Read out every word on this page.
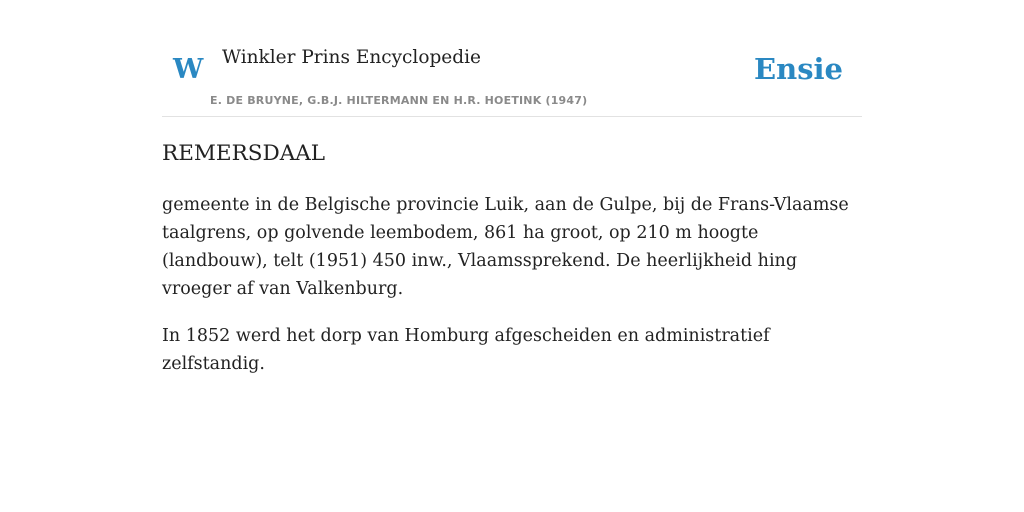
W Winkler Prins Encyclopedie
E. DE BRUYNE, G.B.J. HILTERMANN EN H.R. HOETINK (1947)
Ensie
REMERSDAAL

gemeente in de Belgische provincie Luik, aan de Gulpe, bij de Frans-Vlaamse taalgrens, op golvende leembodem, 861 ha groot, op 210 m hoogte (landbouw), telt (1951) 450 inw., Vlaamssprekend. De heerlijkheid hing vroeger af van Valkenburg.

In 1852 werd het dorp van Homburg afgescheiden en administratief zelfstandig.
